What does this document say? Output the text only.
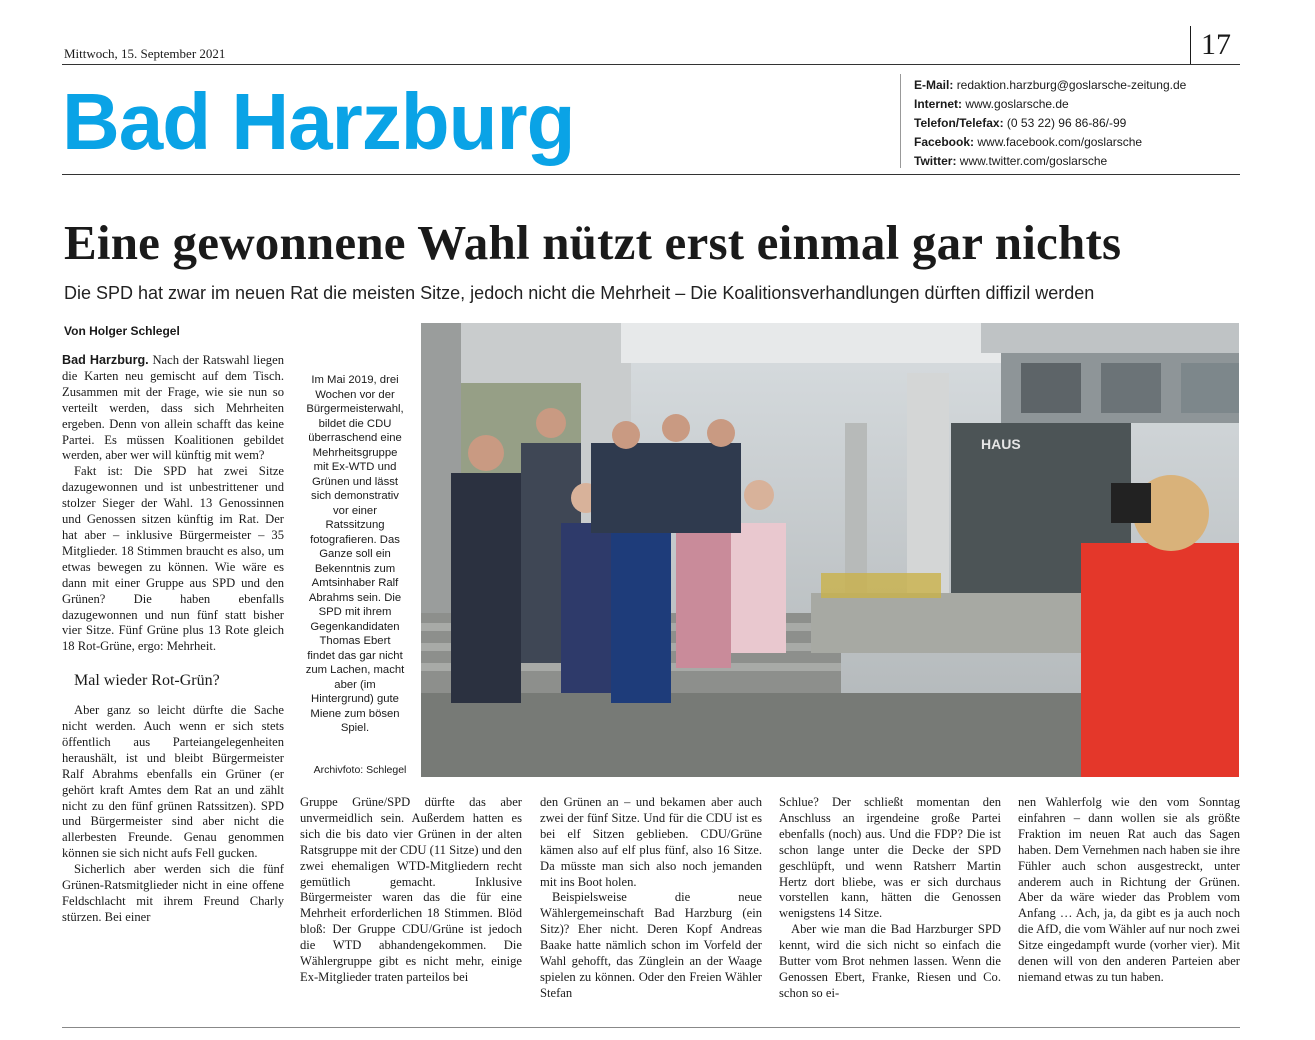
Mittwoch, 15. September 2021	17
Bad Harzburg	E-Mail: redaktion.harzburg@goslarsche-zeitung.de
Internet: www.goslarsche.de
Telefon/Telefax: (0 53 22) 96 86-86/-99
Facebook: www.facebook.com/goslarsche
Twitter: www.twitter.com/goslarsche
Eine gewonnene Wahl nützt erst einmal gar nichts
Die SPD hat zwar im neuen Rat die meisten Sitze, jedoch nicht die Mehrheit – Die Koalitionsverhandlungen dürften diffizil werden
Von Holger Schlegel

Bad Harzburg. Nach der Ratswahl liegen die Karten neu gemischt auf dem Tisch. Zusammen mit der Frage, wie sie nun so verteilt werden, dass sich Mehrheiten ergeben. Denn von allein schafft das keine Partei. Es müssen Koalitionen gebildet werden, aber wer will künftig mit wem?

Fakt ist: Die SPD hat zwei Sitze dazugewonnen und ist unbestrittener und stolzer Sieger der Wahl. 13 Genossinnen und Genossen sitzen künftig im Rat. Der hat aber – inklusive Bürgermeister – 35 Mitglieder. 18 Stimmen braucht es also, um etwas bewegen zu können. Wie wäre es dann mit einer Gruppe aus SPD und den Grünen? Die haben ebenfalls dazugewonnen und nun fünf statt bisher vier Sitze. Fünf Grüne plus 13 Rote gleich 18 Rot-Grüne, ergo: Mehrheit.

Mal wieder Rot-Grün?

Aber ganz so leicht dürfte die Sache nicht werden. Auch wenn er sich stets öffentlich aus Parteiangelegenheiten heraushält, ist und bleibt Bürgermeister Ralf Abrahms ebenfalls ein Grüner (er gehört kraft Amtes dem Rat an und zählt nicht zu den fünf grünen Ratssitzen). SPD und Bürgermeister sind aber nicht die allerbesten Freunde. Genau genommen können sie sich nicht aufs Fell gucken.

Sicherlich aber werden sich die fünf Grünen-Ratsmitglieder nicht in eine offene Feldschlacht mit ihrem Freund Charly stürzen. Bei einer

Im Mai 2019, drei Wochen vor der Bürgermeisterwahl, bildet die CDU überraschend eine Mehrheitsgruppe mit Ex-WTD und Grünen und lässt sich demonstrativ vor einer Ratssitzung fotografieren. Das Ganze soll ein Bekenntnis zum Amtsinhaber Ralf Abrahms sein. Die SPD mit ihrem Gegenkandidaten Thomas Ebert findet das gar nicht zum Lachen, macht aber (im Hintergrund) gute Miene zum bösen Spiel.
Archivfoto: Schlegel
HAUS

Gruppe Grüne/SPD dürfte das aber unvermeidlich sein. Außerdem hatten es sich die bis dato vier Grünen in der alten Ratsgruppe mit der CDU (11 Sitze) und den zwei ehemaligen WTD-Mitgliedern recht gemütlich gemacht. Inklusive Bürgermeister waren das die für eine Mehrheit erforderlichen 18 Stimmen. Blöd bloß: Der Gruppe CDU/Grüne ist jedoch die WTD abhandengekommen. Die Wählergruppe gibt es nicht mehr, einige Ex-Mitglieder traten parteilos bei

den Grünen an – und bekamen aber auch zwei der fünf Sitze. Und für die CDU ist es bei elf Sitzen geblieben. CDU/Grüne kämen also auf elf plus fünf, also 16 Sitze. Da müsste man sich also noch jemanden mit ins Boot holen.

Beispielsweise die neue Wählergemeinschaft Bad Harzburg (ein Sitz)? Eher nicht. Deren Kopf Andreas Baake hatte nämlich schon im Vorfeld der Wahl gehofft, das Zünglein an der Waage spielen zu können. Oder den Freien Wähler Stefan

Schlue? Der schließt momentan den Anschluss an irgendeine große Partei ebenfalls (noch) aus. Und die FDP? Die ist schon lange unter die Decke der SPD geschlüpft, und wenn Ratsherr Martin Hertz dort bliebe, was er sich durchaus vorstellen kann, hätten die Genossen wenigstens 14 Sitze.

Aber wie man die Bad Harzburger SPD kennt, wird die sich nicht so einfach die Butter vom Brot nehmen lassen. Wenn die Genossen Ebert, Franke, Riesen und Co. schon so ei-

nen Wahlerfolg wie den vom Sonntag einfahren – dann wollen sie als größte Fraktion im neuen Rat auch das Sagen haben. Dem Vernehmen nach haben sie ihre Fühler auch schon ausgestreckt, unter anderem auch in Richtung der Grünen. Aber da wäre wieder das Problem vom Anfang … Ach, ja, da gibt es ja auch noch die AfD, die vom Wähler auf nur noch zwei Sitze eingedampft wurde (vorher vier). Mit denen will von den anderen Parteien aber niemand etwas zu tun haben.
